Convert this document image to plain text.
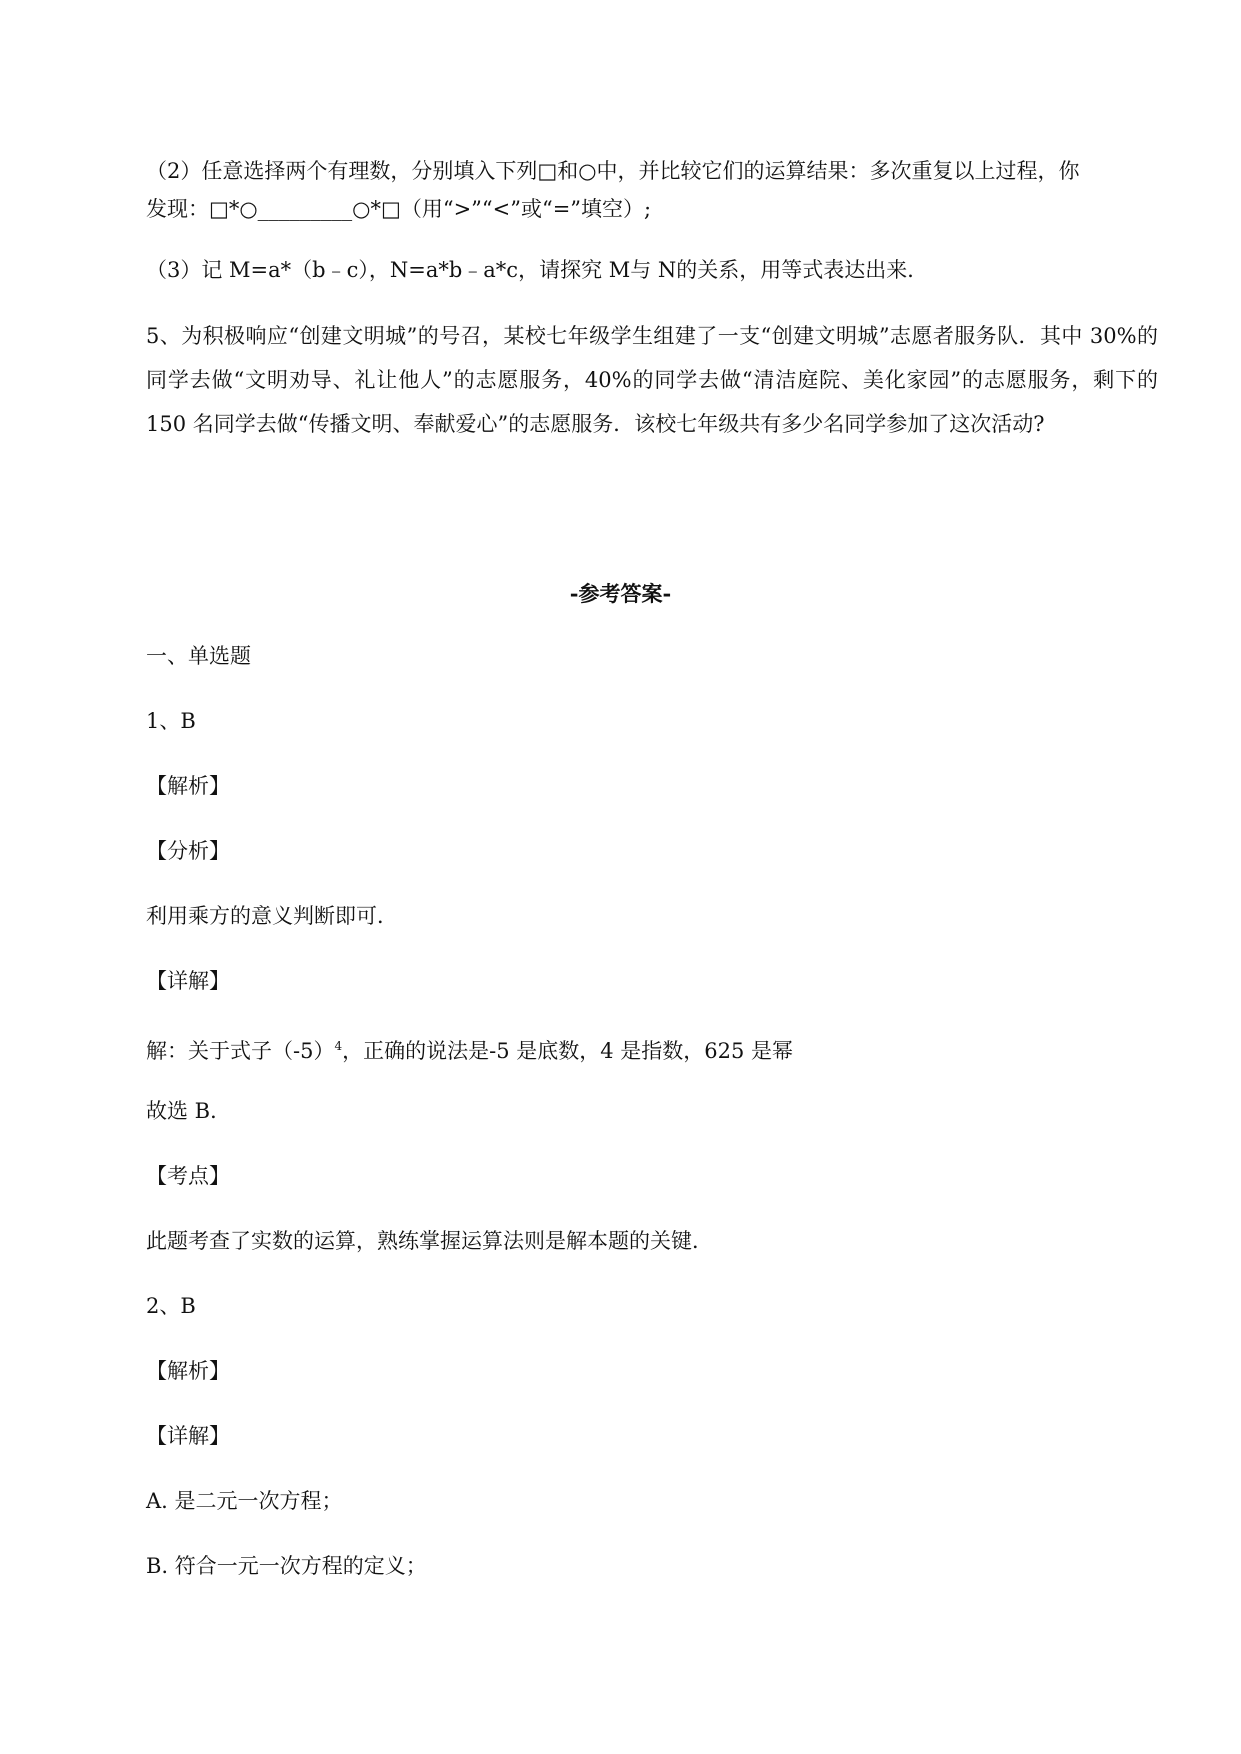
（2）任意选择两个有理数，分别填入下列□和○中，并比较它们的运算结果：多次重复以上过程，你
发现：□*○_________○*□（用“>”“<”或“=”填空）;
（3）记 M=a*（b﹣c），N=a*b﹣a*c，请探究 M与 N的关系，用等式表达出来．
5、为积极响应“创建文明城”的号召，某校七年级学生组建了一支“创建文明城”志愿者服务队．其中 30%的同学去做“文明劝导、礼让他人”的志愿服务，40%的同学去做“清洁庭院、美化家园”的志愿服务，剩下的 150 名同学去做“传播文明、奉献爱心”的志愿服务．该校七年级共有多少名同学参加了这次活动?
-参考答案-
一、单选题
1、B
【解析】
【分析】
利用乘方的意义判断即可．
【详解】
解：关于式子$(-5)^4$，正确的说法是-5 是底数，4 是指数，625 是幂
故选 B．
【考点】
此题考查了实数的运算，熟练掌握运算法则是解本题的关键．
2、B
【解析】
【详解】
A. 是二元一次方程；
B. 符合一元一次方程的定义；
